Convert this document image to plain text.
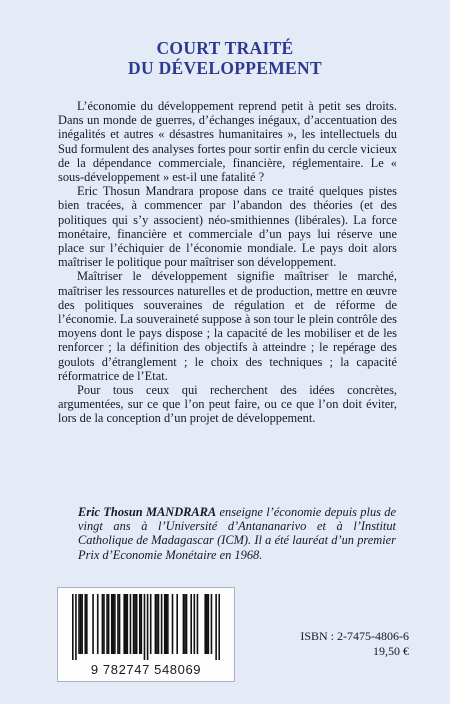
COURT TRAITÉ
DU DÉVELOPPEMENT

L’économie du développement reprend petit à petit ses droits. Dans un monde de guerres, d’échanges inégaux, d’accentuation des inégalités et autres « désastres humanitaires », les intellectuels du Sud formulent des analyses fortes pour sortir enfin du cercle vicieux de la dépendance commerciale, financière, réglementaire. Le « sous-développement » est-il une fatalité ?

Eric Thosun Mandrara propose dans ce traité quelques pistes bien tracées, à commencer par l’abandon des théories (et des politiques qui s’y associent) néo-smithiennes (libérales). La force monétaire, financière et commerciale d’un pays lui réserve une place sur l’échiquier de l’économie mondiale. Le pays doit alors maîtriser le politique pour maîtriser son développement.

Maîtriser le développement signifie maîtriser le marché, maîtriser les ressources naturelles et de production, mettre en œuvre des politiques souveraines de régulation et de réforme de l’économie. La souveraineté suppose à son tour le plein contrôle des moyens dont le pays dispose ; la capacité de les mobiliser et de les renforcer ; la définition des objectifs à atteindre ; le repérage des goulots d’étranglement ; le choix des techniques ; la capacité réformatrice de l’Etat.

Pour tous ceux qui recherchent des idées concrètes, argumentées, sur ce que l’on peut faire, ou ce que l’on doit éviter, lors de la conception d’un projet de développement.

Eric Thosun MANDRARA enseigne l’économie depuis plus de vingt ans à l’Université d’Antananarivo et à l’Institut Catholique de Madagascar (ICM). Il a été lauréat d’un premier Prix d’Economie Monétaire en 1968.
9 782747 548069
ISBN : 2-7475-4806-6
19,50 €
